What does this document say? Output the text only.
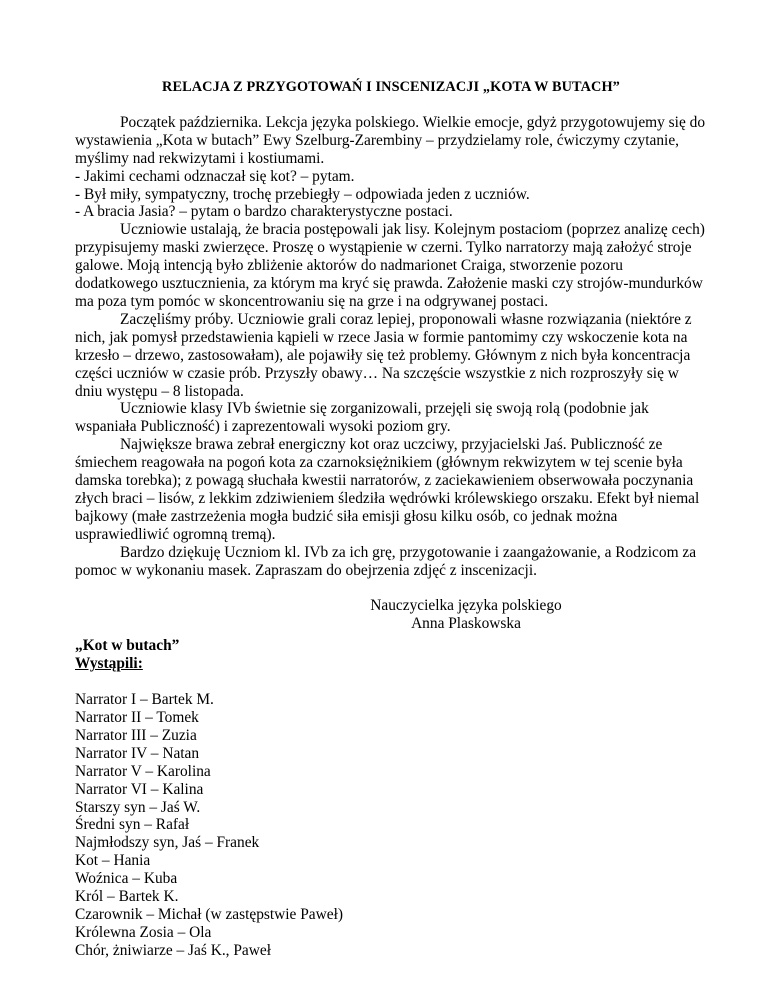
RELACJA Z PRZYGOTOWAŃ I INSCENIZACJI „KOTA W BUTACH”

Początek października. Lekcja języka polskiego. Wielkie emocje, gdyż przygotowujemy się do wystawienia „Kota w butach” Ewy Szelburg-Zarembiny – przydzielamy role, ćwiczymy czytanie, myślimy nad rekwizytami i kostiumami.

- Jakimi cechami odznaczał się kot? – pytam.

- Był miły, sympatyczny, trochę przebiegły – odpowiada jeden z uczniów.

- A bracia Jasia? – pytam o bardzo charakterystyczne postaci.

Uczniowie ustalają, że bracia postępowali jak lisy. Kolejnym postaciom (poprzez analizę cech) przypisujemy maski zwierzęce. Proszę o wystąpienie w czerni. Tylko narratorzy mają założyć stroje galowe. Moją intencją było zbliżenie aktorów do nadmarionet Craiga, stworzenie pozoru dodatkowego usztucznienia, za którym ma kryć się prawda. Założenie maski czy strojów-mundurków ma poza tym pomóc w skoncentrowaniu się na grze i na odgrywanej postaci.

Zaczęliśmy próby. Uczniowie grali coraz lepiej, proponowali własne rozwiązania (niektóre z nich, jak pomysł przedstawienia kąpieli w rzece Jasia w formie pantomimy czy wskoczenie kota na krzesło – drzewo, zastosowałam), ale pojawiły się też problemy. Głównym z nich była koncentracja części uczniów w czasie prób. Przyszły obawy… Na szczęście wszystkie z nich rozproszyły się w dniu występu – 8 listopada.

Uczniowie klasy IVb świetnie się zorganizowali, przejęli się swoją rolą (podobnie jak wspaniała Publiczność) i zaprezentowali wysoki poziom gry.

Największe brawa zebrał energiczny kot oraz uczciwy, przyjacielski Jaś. Publiczność ze śmiechem reagowała na pogoń kota za czarnoksiężnikiem (głównym rekwizytem w tej scenie była damska torebka); z powagą słuchała kwestii narratorów, z zaciekawieniem obserwowała poczynania złych braci – lisów, z lekkim zdziwieniem śledziła wędrówki królewskiego orszaku. Efekt był niemal bajkowy (małe zastrzeżenia mogła budzić siła emisji głosu kilku osób, co jednak można usprawiedliwić ogromną tremą).

Bardzo dziękuję Uczniom kl. IVb za ich grę, przygotowanie i zaangażowanie, a Rodzicom za pomoc w wykonaniu masek. Zapraszam do obejrzenia zdjęć z inscenizacji.

Nauczycielka języka polskiego
Anna Plaskowska
„Kot w butach”
Wystąpili:
Narrator I – Bartek M.
Narrator II – Tomek
Narrator III – Zuzia
Narrator IV – Natan
Narrator V – Karolina
Narrator VI – Kalina
Starszy syn – Jaś W.
Średni syn – Rafał
Najmłodszy syn, Jaś – Franek
Kot – Hania
Woźnica – Kuba
Król – Bartek K.
Czarownik – Michał (w zastępstwie Paweł)
Królewna Zosia – Ola
Chór, żniwiarze – Jaś K., Paweł
